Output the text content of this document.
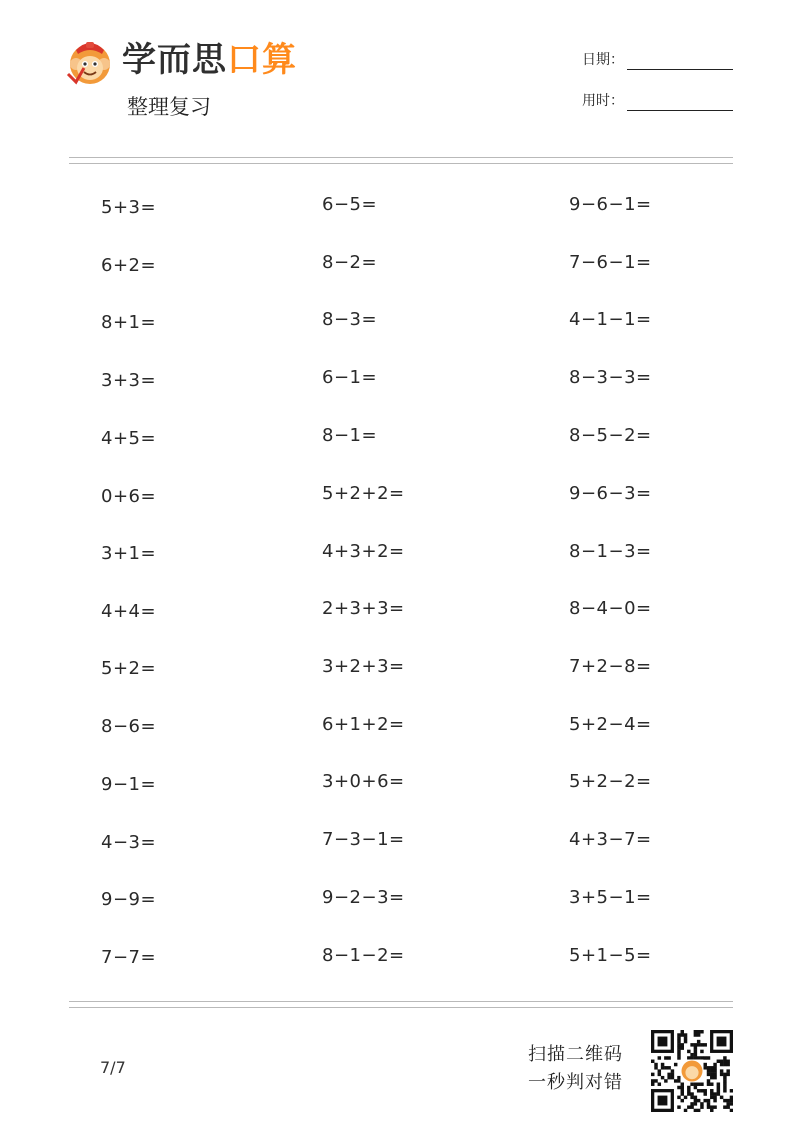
学而思口算
整理复习
日期：
用时：
5+3=
6+2=
8+1=
3+3=
4+5=
0+6=
3+1=
4+4=
5+2=
8−6=
9−1=
4−3=
9−9=
7−7=
6−5=
8−2=
8−3=
6−1=
8−1=
5+2+2=
4+3+2=
2+3+3=
3+2+3=
6+1+2=
3+0+6=
7−3−1=
9−2−3=
8−1−2=
9−6−1=
7−6−1=
4−1−1=
8−3−3=
8−5−2=
9−6−3=
8−1−3=
8−4−0=
7+2−8=
5+2−4=
5+2−2=
4+3−7=
3+5−1=
5+1−5=
7/7
扫描二维码
一秒判对错
